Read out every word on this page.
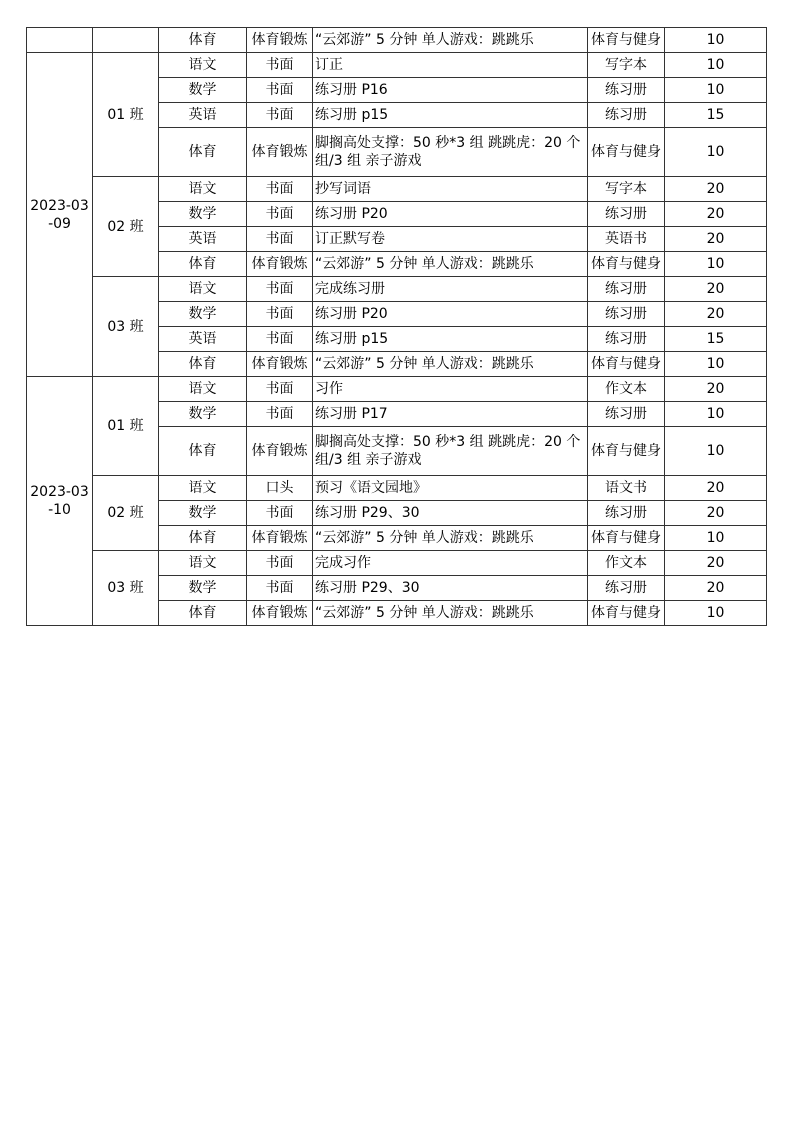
		体育	体育锻炼	“云郊游” 5 分钟 单人游戏：跳跳乐	体育与健身	10
2023-03-09	01 班	语文	书面	订正	写字本	10
		数学	书面	练习册 P16	练习册	10
		英语	书面	练习册 p15	练习册	15
		体育	体育锻炼	脚搁高处支撑：50 秒*3 组 跳跳虎：20 个组/3 组 亲子游戏	体育与健身	10
	02 班	语文	书面	抄写词语	写字本	20
		数学	书面	练习册 P20	练习册	20
		英语	书面	订正默写卷	英语书	20
		体育	体育锻炼	“云郊游” 5 分钟 单人游戏：跳跳乐	体育与健身	10
	03 班	语文	书面	完成练习册	练习册	20
		数学	书面	练习册 P20	练习册	20
		英语	书面	练习册 p15	练习册	15
		体育	体育锻炼	“云郊游” 5 分钟 单人游戏：跳跳乐	体育与健身	10
2023-03-10	01 班	语文	书面	习作	作文本	20
		数学	书面	练习册 P17	练习册	10
		体育	体育锻炼	脚搁高处支撑：50 秒*3 组 跳跳虎：20 个组/3 组 亲子游戏	体育与健身	10
	02 班	语文	口头	预习《语文园地》	语文书	20
		数学	书面	练习册 P29、30	练习册	20
		体育	体育锻炼	“云郊游” 5 分钟 单人游戏：跳跳乐	体育与健身	10
	03 班	语文	书面	完成习作	作文本	20
		数学	书面	练习册 P29、30	练习册	20
		体育	体育锻炼	“云郊游” 5 分钟 单人游戏：跳跳乐	体育与健身	10
